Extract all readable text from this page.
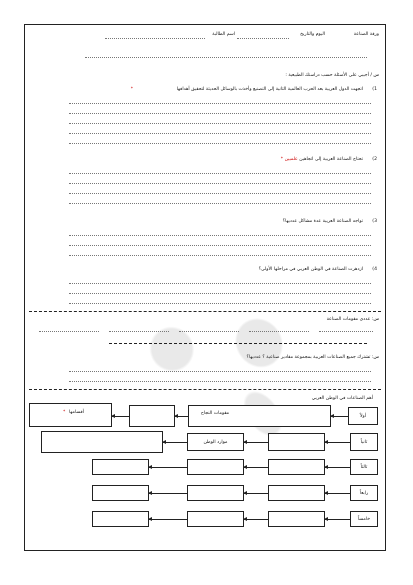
ورقة الصناعة
اليوم والتاريخ
اسم الطالبة
س / أجيبي على الأسئلة حسب دراستك الطبيعية :
1)
اتجهت الدول العربية بعد الحرب العالمية الثانية إلى التصنيع وأخذت بالوسائل الحديثة لتحقيق أهدافها
*
2)
تحتاج الصناعة العربية إلى اتجاهين علميين *
3)
تواجه الصناعة العربية عدة مشاكل عدديها؟
4)
ازدهرت الصناعة في الوطن العربي في مراحلها الأولى؟
س: عددي مقومات الصناعة
س: تشترك جميع الصناعات العربية بمجموعة مقادير صناعية ؟ عدديها؟
أهم الصناعات في الوطن العربي
أولاً
مقومات النجاح
أقسامها
*
ثانياً
موارد الوطن
ثالثاً
رابعاً
خامساً
